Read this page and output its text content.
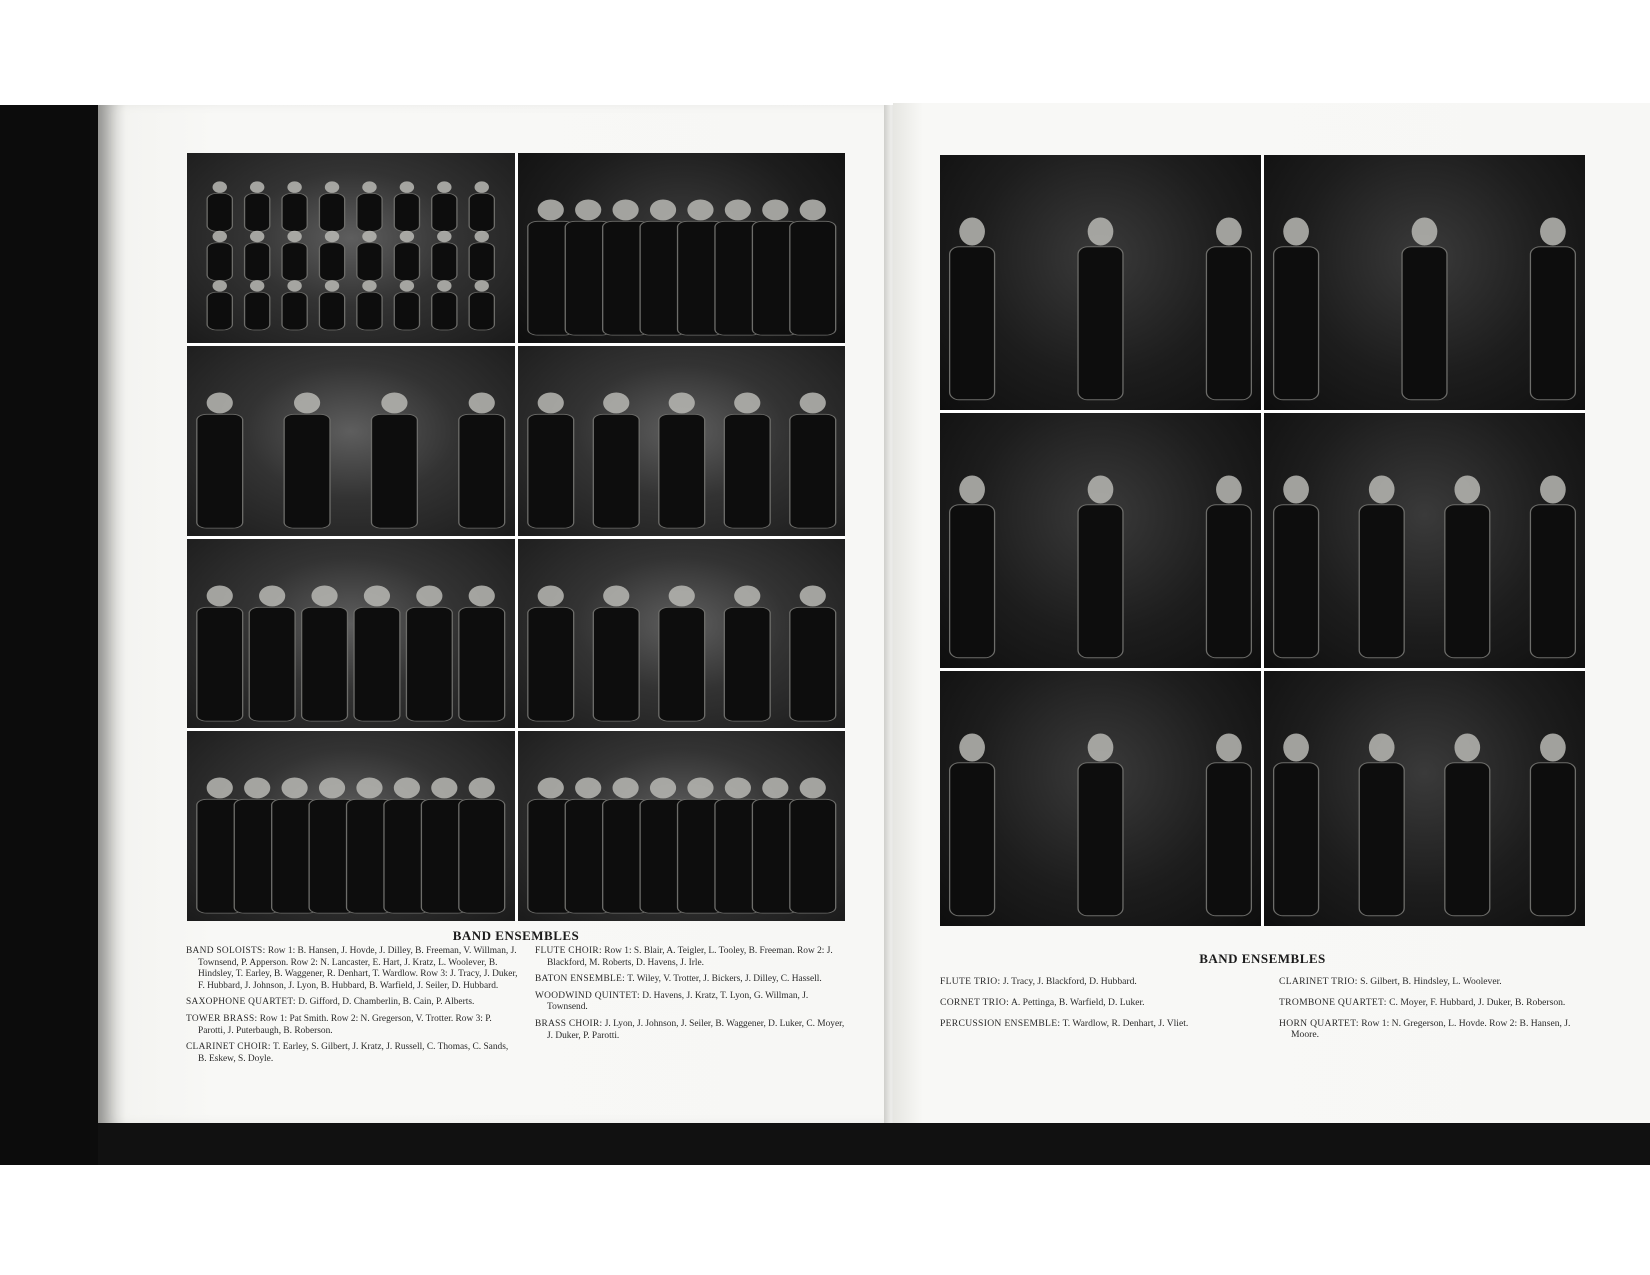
BAND ENSEMBLES

BAND SOLOISTS: Row 1: B. Hansen, J. Hovde, J. Dilley, B. Freeman, V. Willman, J. Townsend, P. Apperson. Row 2: N. Lancaster, E. Hart, J. Kratz, L. Woolever, B. Hindsley, T. Earley, B. Waggener, R. Denhart, T. Wardlow. Row 3: J. Tracy, J. Duker, F. Hubbard, J. Johnson, J. Lyon, B. Hubbard, B. Warfield, J. Seiler, D. Hubbard.

SAXOPHONE QUARTET: D. Gifford, D. Chamberlin, B. Cain, P. Alberts.

TOWER BRASS: Row 1: Pat Smith. Row 2: N. Gregerson, V. Trotter. Row 3: P. Parotti, J. Puterbaugh, B. Roberson.

CLARINET CHOIR: T. Earley, S. Gilbert, J. Kratz, J. Russell, C. Thomas, C. Sands, B. Eskew, S. Doyle.

FLUTE CHOIR: Row 1: S. Blair, A. Teigler, L. Tooley, B. Freeman. Row 2: J. Blackford, M. Roberts, D. Havens, J. Irle.

BATON ENSEMBLE: T. Wiley, V. Trotter, J. Bickers, J. Dilley, C. Hassell.

WOODWIND QUINTET: D. Havens, J. Kratz, T. Lyon, G. Willman, J. Townsend.

BRASS CHOIR: J. Lyon, J. Johnson, J. Seiler, B. Waggener, D. Luker, C. Moyer, J. Duker, P. Parotti.

BAND ENSEMBLES

FLUTE TRIO: J. Tracy, J. Blackford, D. Hubbard.

CORNET TRIO: A. Pettinga, B. Warfield, D. Luker.

PERCUSSION ENSEMBLE: T. Wardlow, R. Denhart, J. Vliet.

CLARINET TRIO: S. Gilbert, B. Hindsley, L. Woolever.

TROMBONE QUARTET: C. Moyer, F. Hubbard, J. Duker, B. Roberson.

HORN QUARTET: Row 1: N. Gregerson, L. Hovde. Row 2: B. Hansen, J. Moore.
